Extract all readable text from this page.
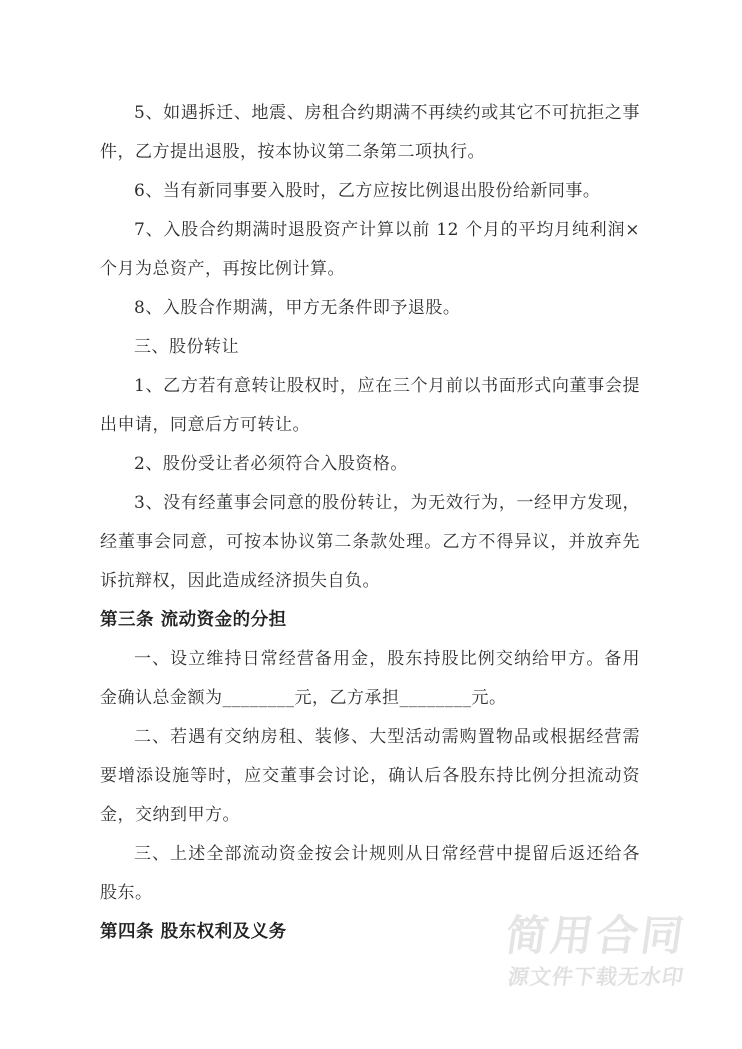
5、如遇拆迁、地震、房租合约期满不再续约或其它不可抗拒之事件，乙方提出退股，按本协议第二条第二项执行。

6、当有新同事要入股时，乙方应按比例退出股份给新同事。

7、入股合约期满时退股资产计算以前 12 个月的平均月纯利润×个月为总资产，再按比例计算。

8、入股合作期满，甲方无条件即予退股。

三、股份转让

1、乙方若有意转让股权时，应在三个月前以书面形式向董事会提出申请，同意后方可转让。

2、股份受让者必须符合入股资格。

3、没有经董事会同意的股份转让，为无效行为，一经甲方发现，经董事会同意，可按本协议第二条款处理。乙方不得异议，并放弃先诉抗辩权，因此造成经济损失自负。

第三条 流动资金的分担

一、设立维持日常经营备用金，股东持股比例交纳给甲方。备用金确认总金额为________元，乙方承担________元。

二、若遇有交纳房租、装修、大型活动需购置物品或根据经营需要增添设施等时，应交董事会讨论，确认后各股东持比例分担流动资金，交纳到甲方。

三、上述全部流动资金按会计规则从日常经营中提留后返还给各股东。

第四条 股东权利及义务	简用合同
源文件下载无水印
